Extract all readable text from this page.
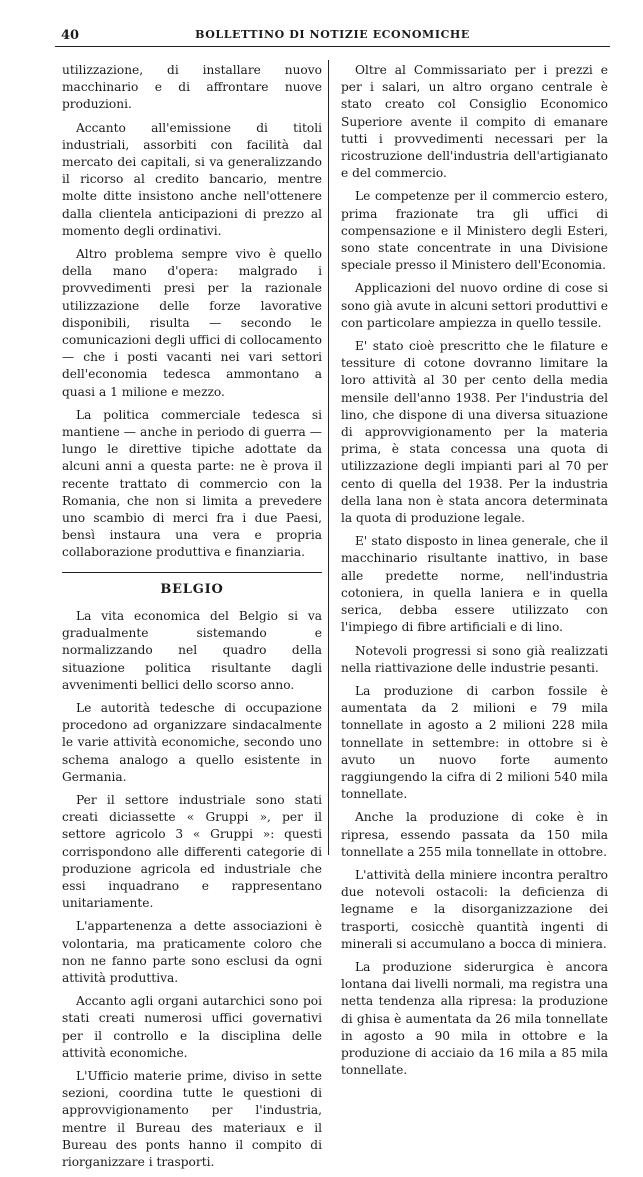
40	BOLLETTINO DI NOTIZIE ECONOMICHE

utilizzazione, di installare nuovo macchinario e di affrontare nuove produzioni.

Accanto all'emissione di titoli industriali, assorbiti con facilità dal mercato dei capitali, si va generalizzando il ricorso al credito bancario, mentre molte ditte insistono anche nell'ottenere dalla clientela anticipazioni di prezzo al momento degli ordinativi.

Altro problema sempre vivo è quello della mano d'opera: malgrado i provvedimenti presi per la razionale utilizzazione delle forze lavorative disponibili, risulta — secondo le comunicazioni degli uffici di collocamento — che i posti vacanti nei vari settori dell'economia tedesca ammontano a quasi a 1 milione e mezzo.

La politica commerciale tedesca si mantiene — anche in periodo di guerra — lungo le direttive tipiche adottate da alcuni anni a questa parte: ne è prova il recente trattato di commercio con la Romania, che non si limita a prevedere uno scambio di merci fra i due Paesi, bensì instaura una vera e propria collaborazione produttiva e finanziaria.

BELGIO

La vita economica del Belgio si va gradualmente sistemando e normalizzando nel quadro della situazione politica risultante dagli avvenimenti bellici dello scorso anno.

Le autorità tedesche di occupazione procedono ad organizzare sindacalmente le varie attività economiche, secondo uno schema analogo a quello esistente in Germania.

Per il settore industriale sono stati creati diciassette « Gruppi », per il settore agricolo 3 « Gruppi »: questi corrispondono alle differenti categorie di produzione agricola ed industriale che essi inquadrano e rappresentano unitariamente.

L'appartenenza a dette associazioni è volontaria, ma praticamente coloro che non ne fanno parte sono esclusi da ogni attività produttiva.

Accanto agli organi autarchici sono poi stati creati numerosi uffici governativi per il controllo e la disciplina delle attività economiche.

L'Ufficio materie prime, diviso in sette sezioni, coordina tutte le questioni di approvvigionamento per l'industria, mentre il Bureau des materiaux e il Bureau des ponts hanno il compito di riorganizzare i trasporti.

Oltre al Commissariato per i prezzi e per i salari, un altro organo centrale è stato creato col Consiglio Economico Superiore avente il compito di emanare tutti i provvedimenti necessari per la ricostruzione dell'industria dell'artigianato e del commercio.

Le competenze per il commercio estero, prima frazionate tra gli uffici di compensazione e il Ministero degli Esteri, sono state concentrate in una Divisione speciale presso il Ministero dell'Economia.

Applicazioni del nuovo ordine di cose si sono già avute in alcuni settori produttivi e con particolare ampiezza in quello tessile.

E' stato cioè prescritto che le filature e tessiture di cotone dovranno limitare la loro attività al 30 per cento della media mensile dell'anno 1938. Per l'industria del lino, che dispone di una diversa situazione di approvvigionamento per la materia prima, è stata concessa una quota di utilizzazione degli impianti pari al 70 per cento di quella del 1938. Per la industria della lana non è stata ancora determinata la quota di produzione legale.

E' stato disposto in linea generale, che il macchinario risultante inattivo, in base alle predette norme, nell'industria cotoniera, in quella laniera e in quella serica, debba essere utilizzato con l'impiego di fibre artificiali e di lino.

Notevoli progressi si sono già realizzati nella riattivazione delle industrie pesanti.

La produzione di carbon fossile è aumentata da 2 milioni e 79 mila tonnellate in agosto a 2 milioni 228 mila tonnellate in settembre: in ottobre si è avuto un nuovo forte aumento raggiungendo la cifra di 2 milioni 540 mila tonnellate.

Anche la produzione di coke è in ripresa, essendo passata da 150 mila tonnellate a 255 mila tonnellate in ottobre.

L'attività della miniere incontra peraltro due notevoli ostacoli: la deficienza di legname e la disorganizzazione dei trasporti, cosicchè quantità ingenti di minerali si accumulano a bocca di miniera.

La produzione siderurgica è ancora lontana dai livelli normali, ma registra una netta tendenza alla ripresa: la produzione di ghisa è aumentata da 26 mila tonnellate in agosto a 90 mila in ottobre e la produzione di acciaio da 16 mila a 85 mila tonnellate.
